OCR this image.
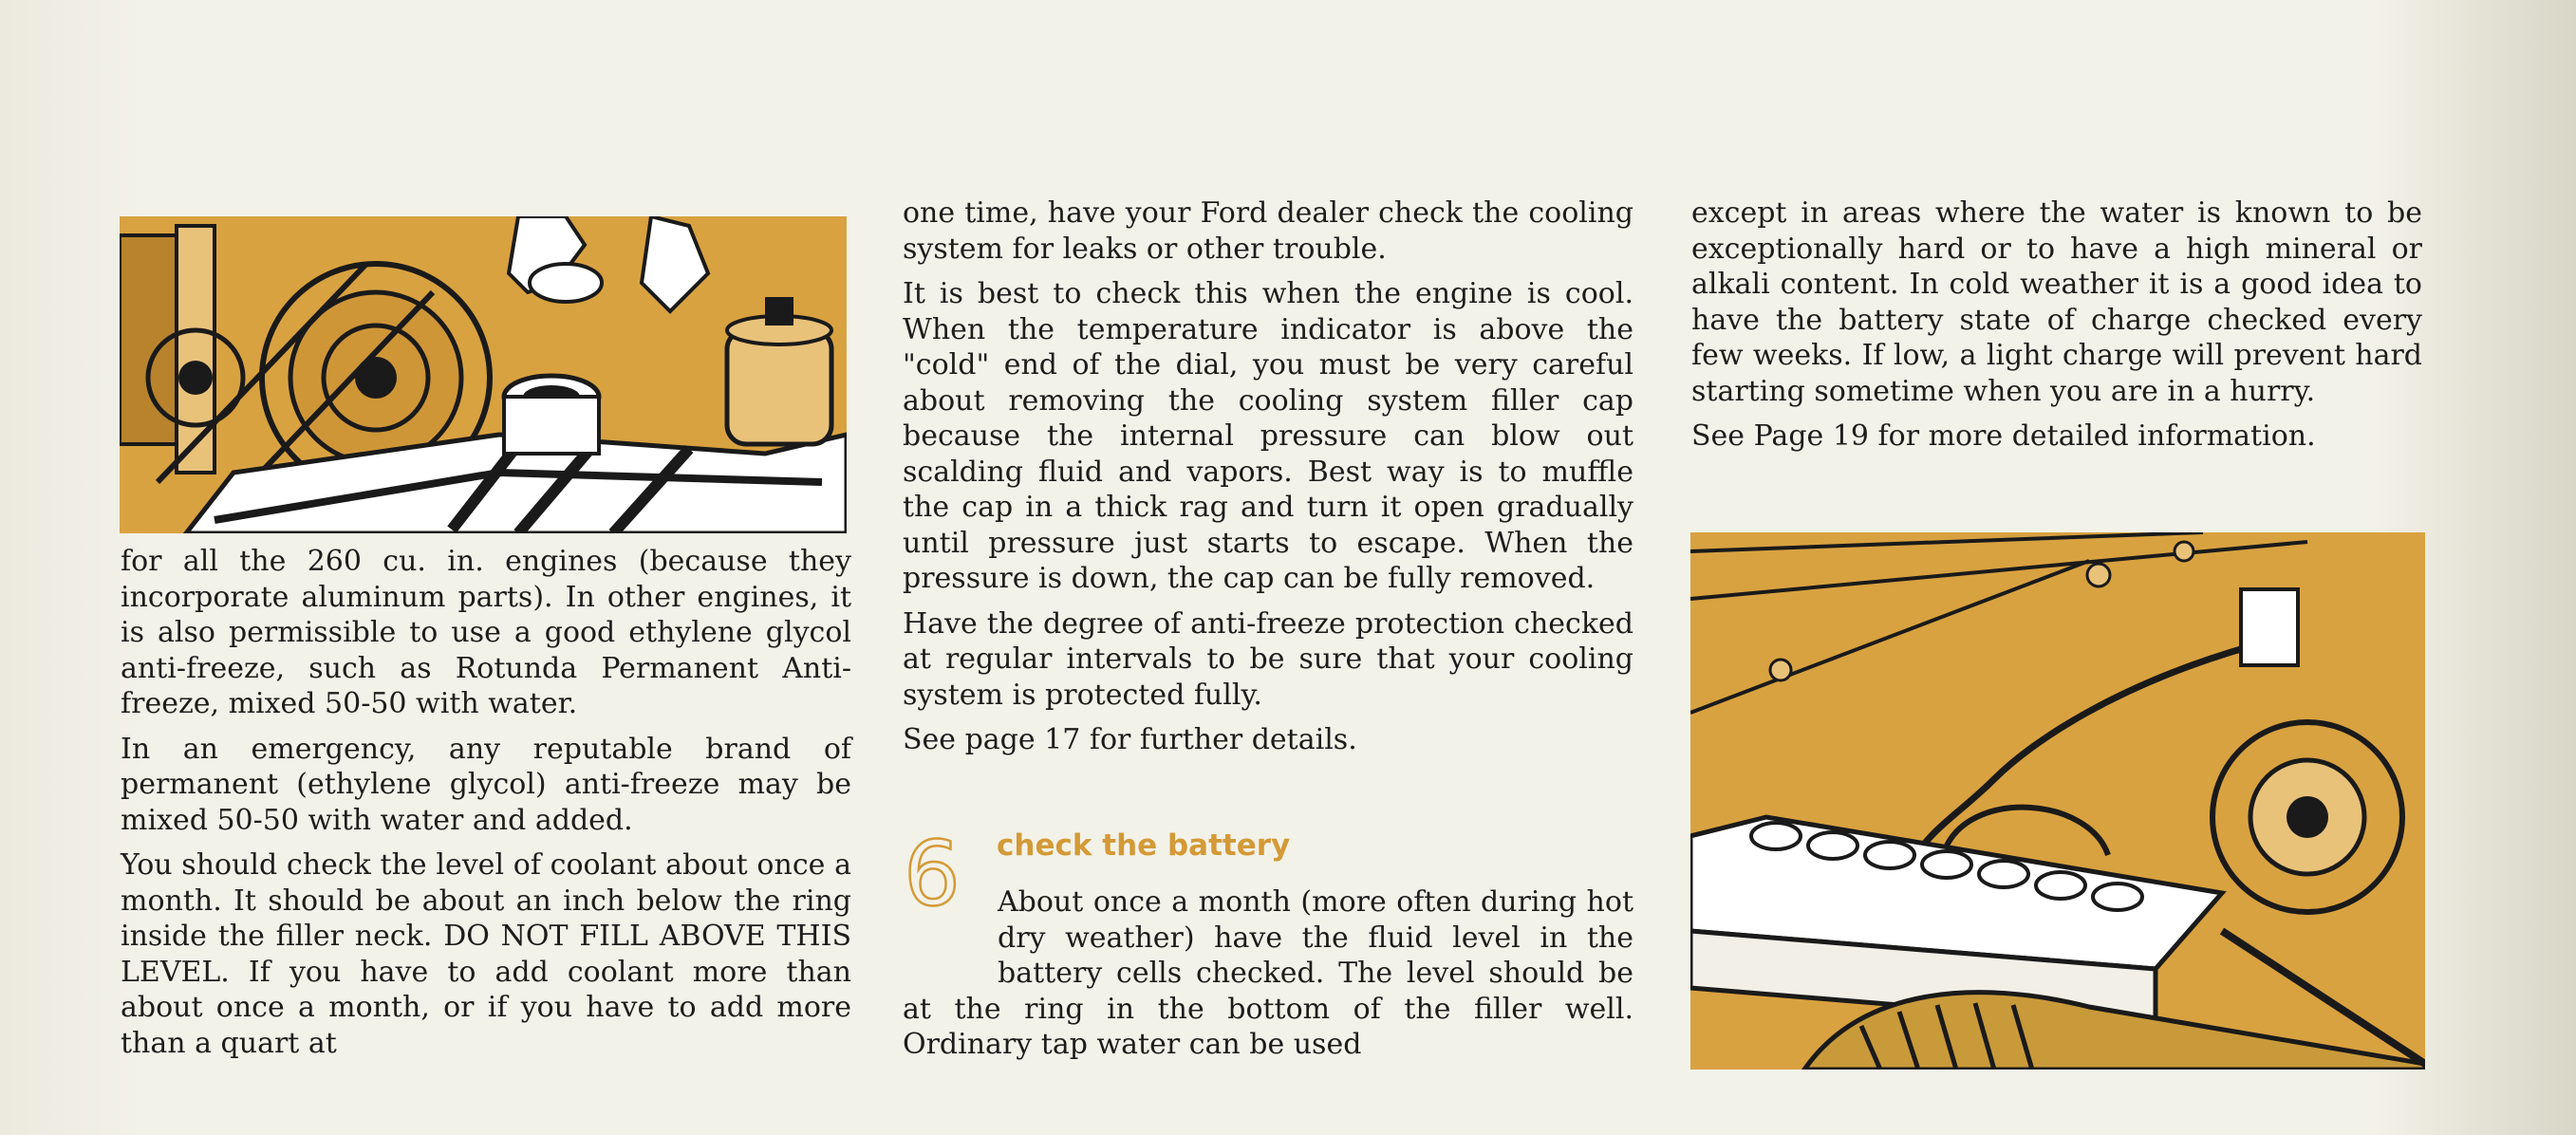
for all the 260 cu. in. engines (because they incorporate aluminum parts). In other engines, it is also permissible to use a good ethylene glycol anti-freeze, such as Rotunda Permanent Anti-freeze, mixed 50-50 with water.

In an emergency, any reputable brand of permanent (ethylene glycol) anti-freeze may be mixed 50-50 with water and added.

You should check the level of coolant about once a month. It should be about an inch below the ring inside the filler neck. DO NOT FILL ABOVE THIS LEVEL. If you have to add coolant more than about once a month, or if you have to add more than a quart at

one time, have your Ford dealer check the cooling system for leaks or other trouble.

It is best to check this when the engine is cool. When the temperature indicator is above the "cold" end of the dial, you must be very careful about removing the cooling system filler cap because the internal pressure can blow out scalding fluid and vapors. Best way is to muffle the cap in a thick rag and turn it open gradually until pressure just starts to escape. When the pressure is down, the cap can be fully removed.

Have the degree of anti-freeze protection checked at regular intervals to be sure that your cooling system is protected fully.

See page 17 for further details.

6 check the battery

About once a month (more often during hot dry weather) have the fluid level in the battery cells checked. The level should be at the ring in the bottom of the filler well. Ordinary tap water can be used

except in areas where the water is known to be exceptionally hard or to have a high mineral or alkali content. In cold weather it is a good idea to have the battery state of charge checked every few weeks. If low, a light charge will prevent hard starting sometime when you are in a hurry.

See Page 19 for more detailed information.
